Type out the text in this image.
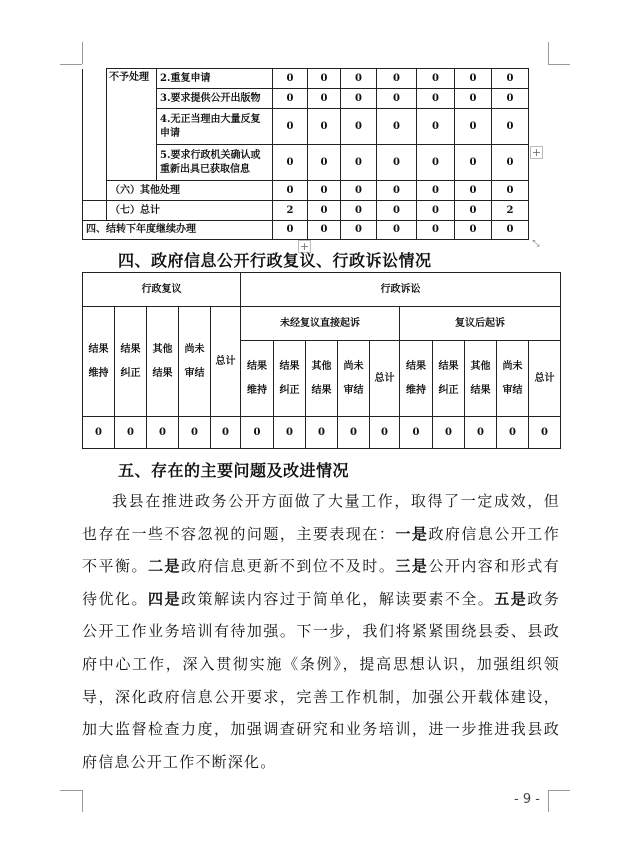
	不予处理	2.重复申请	0	0	0	0	0	0	0
		3.要求提供公开出版物	0	0	0	0	0	0	0
		4.无正当理由大量反复申请	0	0	0	0	0	0	0
		5.要求行政机关确认或重新出具已获取信息	0	0	0	0	0	0	0
	（六）其他处理		0	0	0	0	0	0	0
	（七）总计		2	0	0	0	0	0	2
四、结转下年度继续办理			0	0	0	0	0	0	0
+
+	⤡
四、政府信息公开行政复议、行政诉讼情况
行政复议					行政诉讼									
结果维持	结果纠正	其他结果	尚未审结	总计	未经复议直接起诉					复议后起诉				
					结果维持	结果纠正	其他结果	尚未审结	总计	结果维持	结果纠正	其他结果	尚未审结	总计
0	0	0	0	0	0	0	0	0	0	0	0	0	0	0
五、存在的主要问题及改进情况
我县在推进政务公开方面做了大量工作，取得了一定成效，但也存在一些不容忽视的问题，主要表现在：一是政府信息公开工作不平衡。二是政府信息更新不到位不及时。三是公开内容和形式有待优化。四是政策解读内容过于简单化，解读要素不全。五是政务公开工作业务培训有待加强。下一步，我们将紧紧围绕县委、县政府中心工作，深入贯彻实施《条例》，提高思想认识，加强组织领导，深化政府信息公开要求，完善工作机制，加强公开载体建设，加大监督检查力度，加强调查研究和业务培训，进一步推进我县政府信息公开工作不断深化。
- 9 -
